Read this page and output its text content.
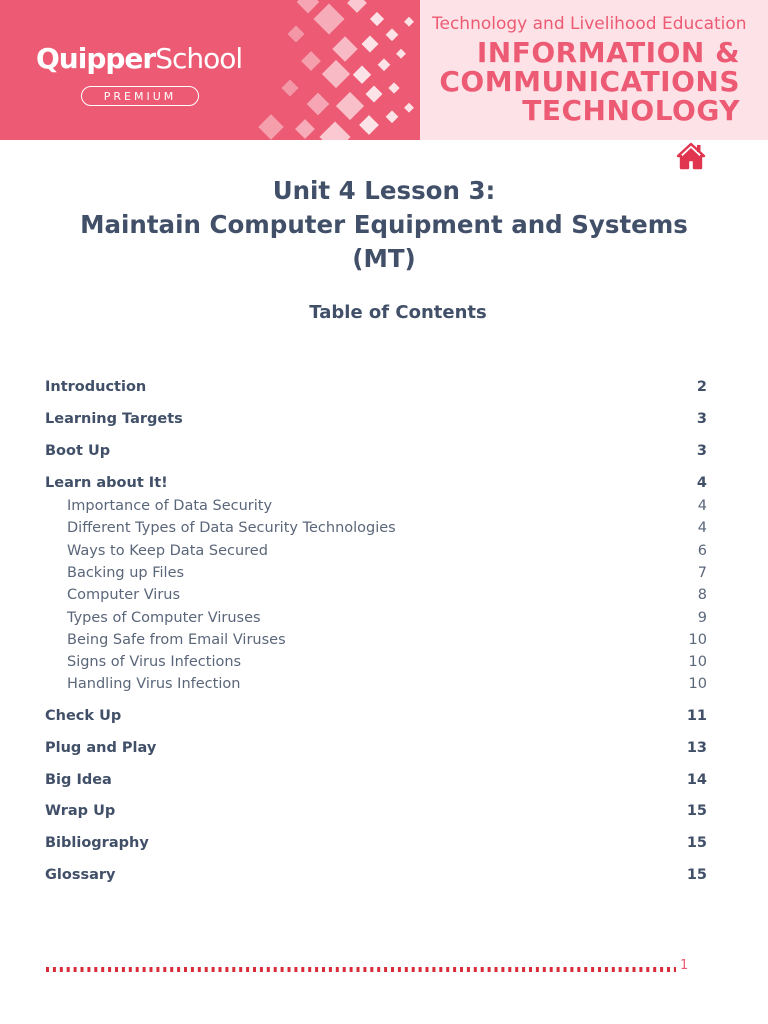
QuipperSchool
PREMIUM
Technology and Livelihood Education
INFORMATION &
COMMUNICATIONS
TECHNOLOGY
Unit 4 Lesson 3:
Maintain Computer Equipment and Systems
(MT)
Table of Contents
Introduction	2
Learning Targets	3
Boot Up	3
Learn about It!	4
Importance of Data Security	4
Different Types of Data Security Technologies	4
Ways to Keep Data Secured	6
Backing up Files	7
Computer Virus	8
Types of Computer Viruses	9
Being Safe from Email Viruses	10
Signs of Virus Infections	10
Handling Virus Infection	10
Check Up	11
Plug and Play	13
Big Idea	14
Wrap Up	15
Bibliography	15
Glossary	15
1
